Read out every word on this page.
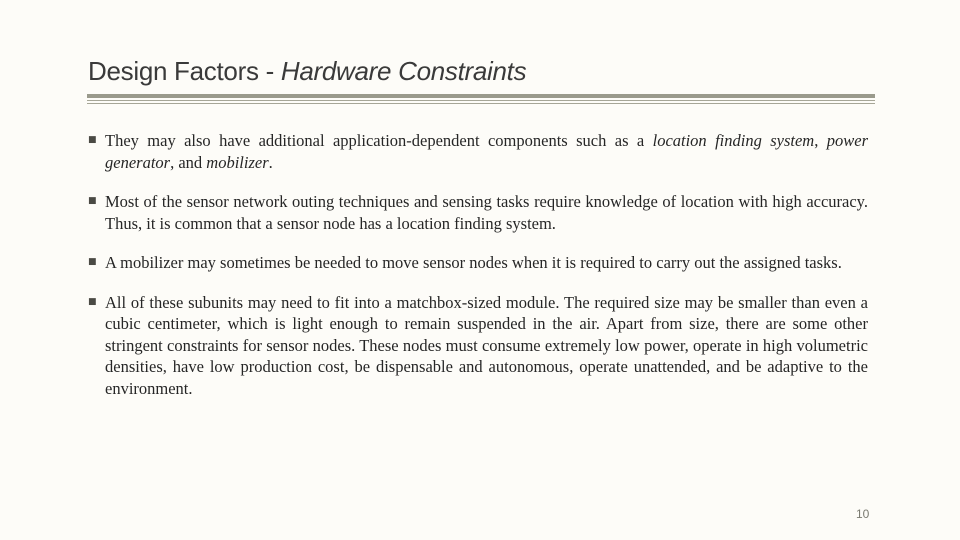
Design Factors - Hardware Constraints
■ They may also have additional application-dependent components such as a location finding system, power generator, and mobilizer.
■ Most of the sensor network outing techniques and sensing tasks require knowledge of location with high accuracy. Thus, it is common that a sensor node has a location finding system.
■ A mobilizer may sometimes be needed to move sensor nodes when it is required to carry out the assigned tasks.
■ All of these subunits may need to fit into a matchbox-sized module. The required size may be smaller than even a cubic centimeter, which is light enough to remain suspended in the air. Apart from size, there are some other stringent constraints for sensor nodes. These nodes must consume extremely low power, operate in high volumetric densities, have low production cost, be dispensable and autonomous, operate unattended, and be adaptive to the environment.
10
